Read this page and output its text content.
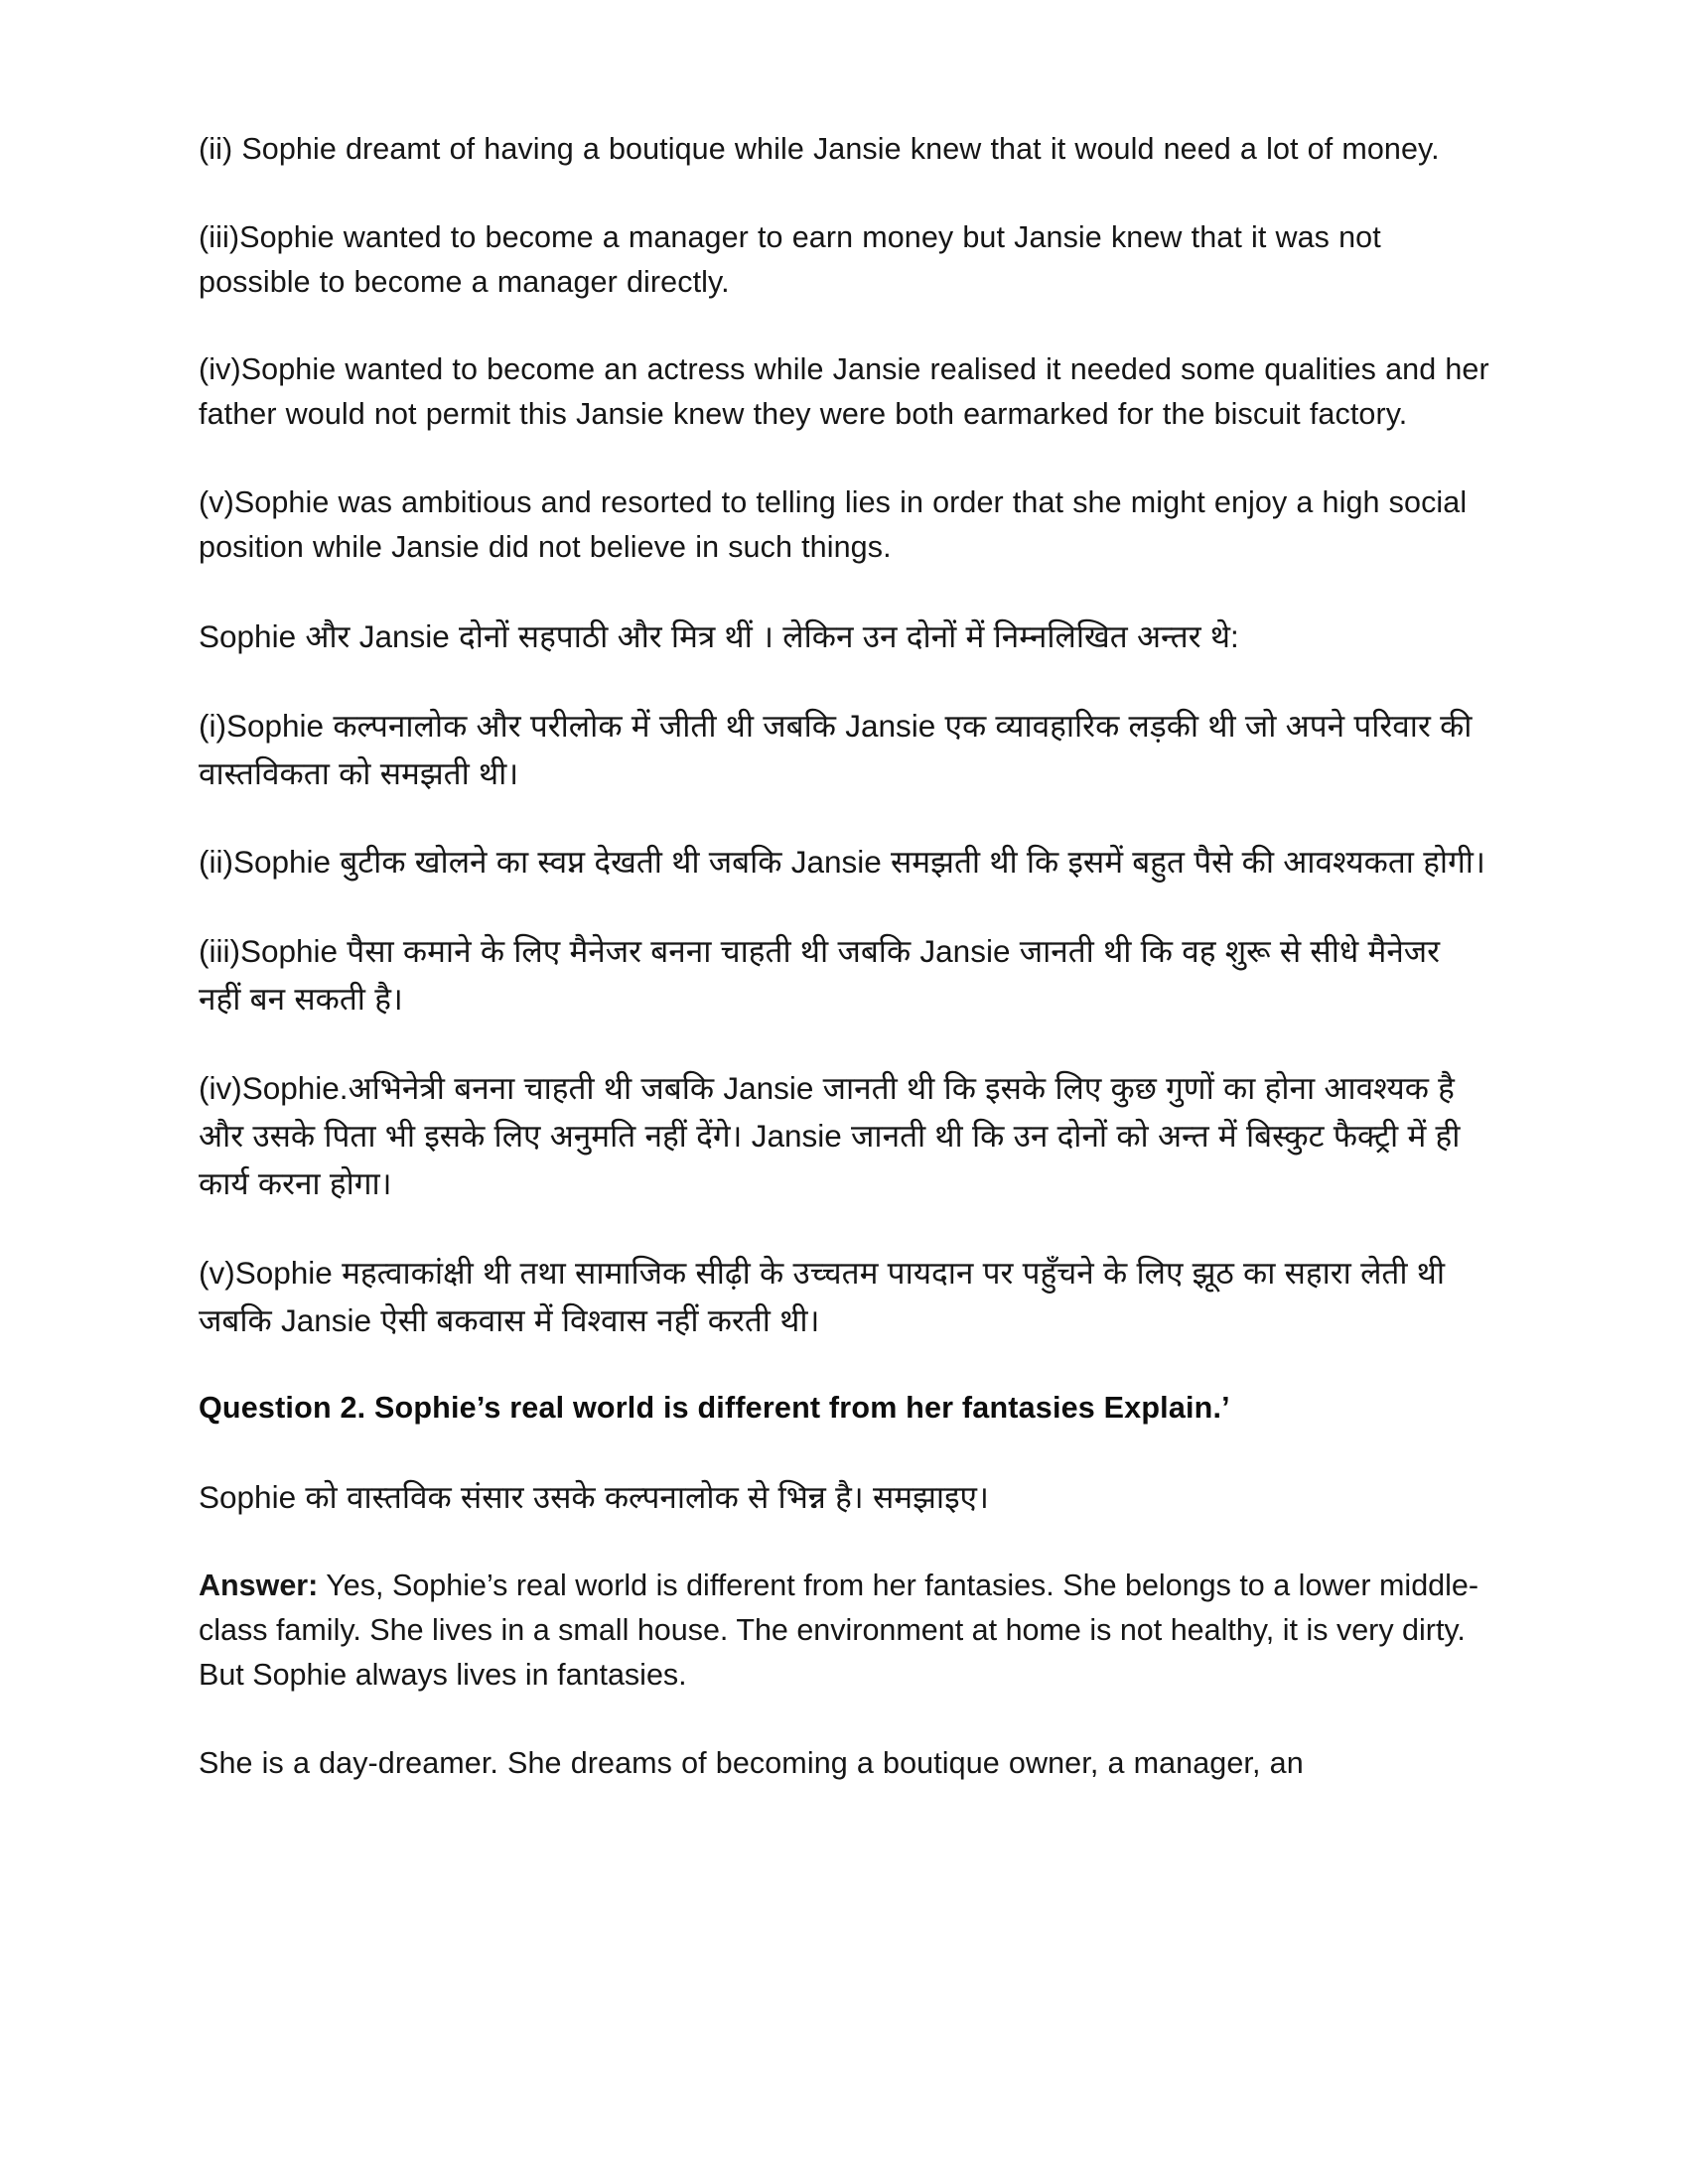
(ii) Sophie dreamt of having a boutique while Jansie knew that it would need a lot of money.

(iii)Sophie wanted to become a manager to earn money but Jansie knew that it was not possible to become a manager directly.

(iv)Sophie wanted to become an actress while Jansie realised it needed some qualities and her father would not permit this Jansie knew they were both earmarked for the biscuit factory.

(v)Sophie was ambitious and resorted to telling lies in order that she might enjoy a high social position while Jansie did not believe in such things.

Sophie और Jansie दोनों सहपाठी और मित्र थीं । लेकिन उन दोनों में निम्नलिखित अन्तर थे:

(i)Sophie कल्पनालोक और परीलोक में जीती थी जबकि Jansie एक व्यावहारिक लड़की थी जो अपने परिवार की वास्तविकता को समझती थी।

(ii)Sophie बुटीक खोलने का स्वप्न देखती थी जबकि Jansie समझती थी कि इसमें बहुत पैसे की आवश्यकता होगी।

(iii)Sophie पैसा कमाने के लिए मैनेजर बनना चाहती थी जबकि Jansie जानती थी कि वह शुरू से सीधे मैनेजर नहीं बन सकती है।

(iv)Sophie.अभिनेत्री बनना चाहती थी जबकि Jansie जानती थी कि इसके लिए कुछ गुणों का होना आवश्यक है और उसके पिता भी इसके लिए अनुमति नहीं देंगे। Jansie जानती थी कि उन दोनों को अन्त में बिस्कुट फैक्ट्री में ही कार्य करना होगा।

(v)Sophie महत्वाकांक्षी थी तथा सामाजिक सीढ़ी के उच्चतम पायदान पर पहुँचने के लिए झूठ का सहारा लेती थी जबकि Jansie ऐसी बकवास में विश्वास नहीं करती थी।

Question 2. Sophie’s real world is different from her fantasies Explain.’

Sophie को वास्तविक संसार उसके कल्पनालोक से भिन्न है। समझाइए।

Answer: Yes, Sophie’s real world is different from her fantasies. She belongs to a lower middle-class family. She lives in a small house. The environment at home is not healthy, it is very dirty. But Sophie always lives in fantasies.

She is a day-dreamer. She dreams of becoming a boutique owner, a manager, an
